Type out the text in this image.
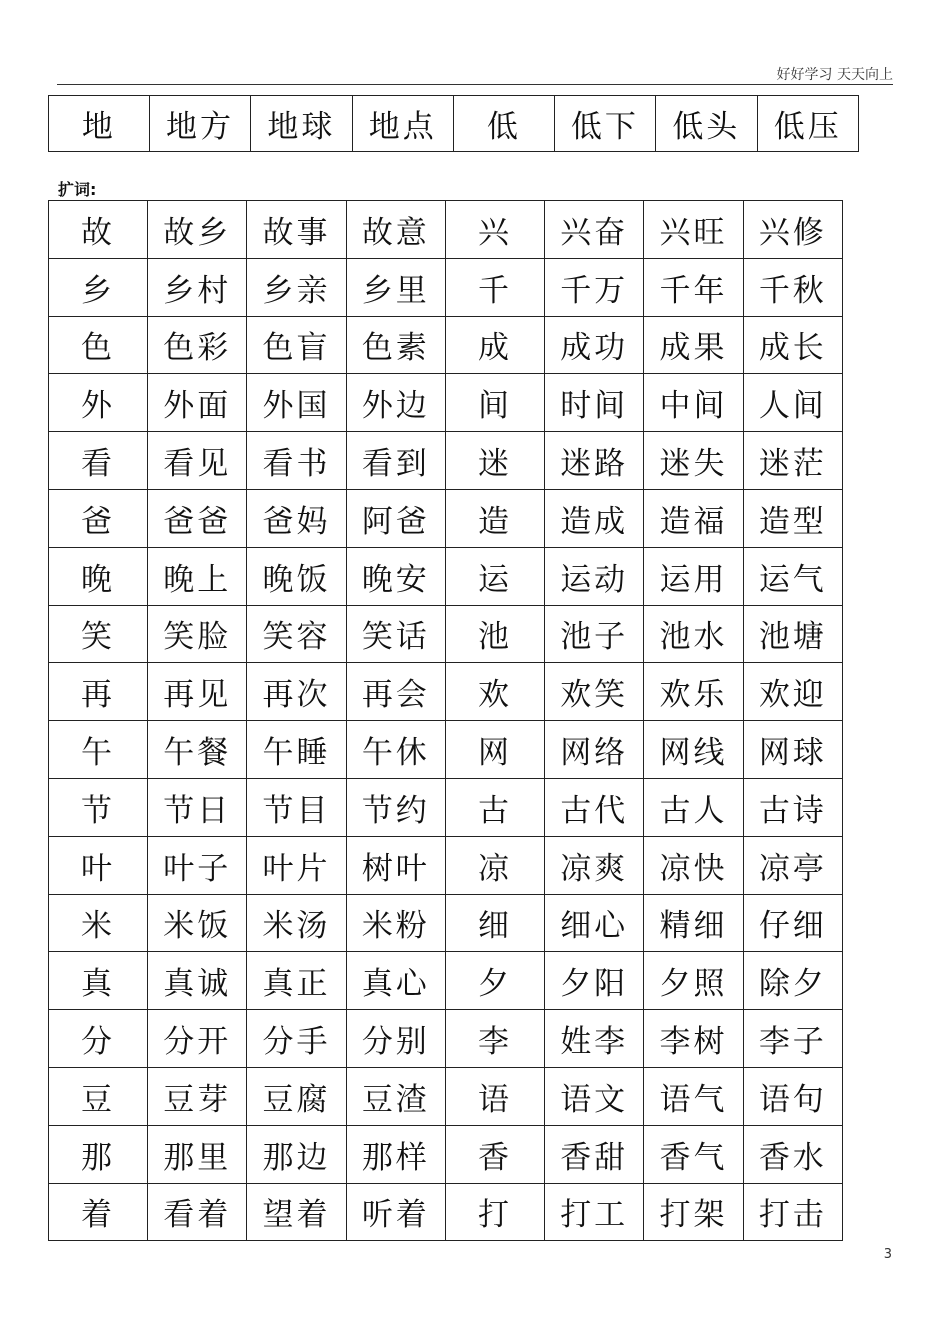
好好学习 天天向上
地	地方	地球	地点	低	低下	低头	低压
扩词:
故	故乡	故事	故意	兴	兴奋	兴旺	兴修
乡	乡村	乡亲	乡里	千	千万	千年	千秋
色	色彩	色盲	色素	成	成功	成果	成长
外	外面	外国	外边	间	时间	中间	人间
看	看见	看书	看到	迷	迷路	迷失	迷茫
爸	爸爸	爸妈	阿爸	造	造成	造福	造型
晚	晚上	晚饭	晚安	运	运动	运用	运气
笑	笑脸	笑容	笑话	池	池子	池水	池塘
再	再见	再次	再会	欢	欢笑	欢乐	欢迎
午	午餐	午睡	午休	网	网络	网线	网球
节	节日	节目	节约	古	古代	古人	古诗
叶	叶子	叶片	树叶	凉	凉爽	凉快	凉亭
米	米饭	米汤	米粉	细	细心	精细	仔细
真	真诚	真正	真心	夕	夕阳	夕照	除夕
分	分开	分手	分别	李	姓李	李树	李子
豆	豆芽	豆腐	豆渣	语	语文	语气	语句
那	那里	那边	那样	香	香甜	香气	香水
着	看着	望着	听着	打	打工	打架	打击
3
